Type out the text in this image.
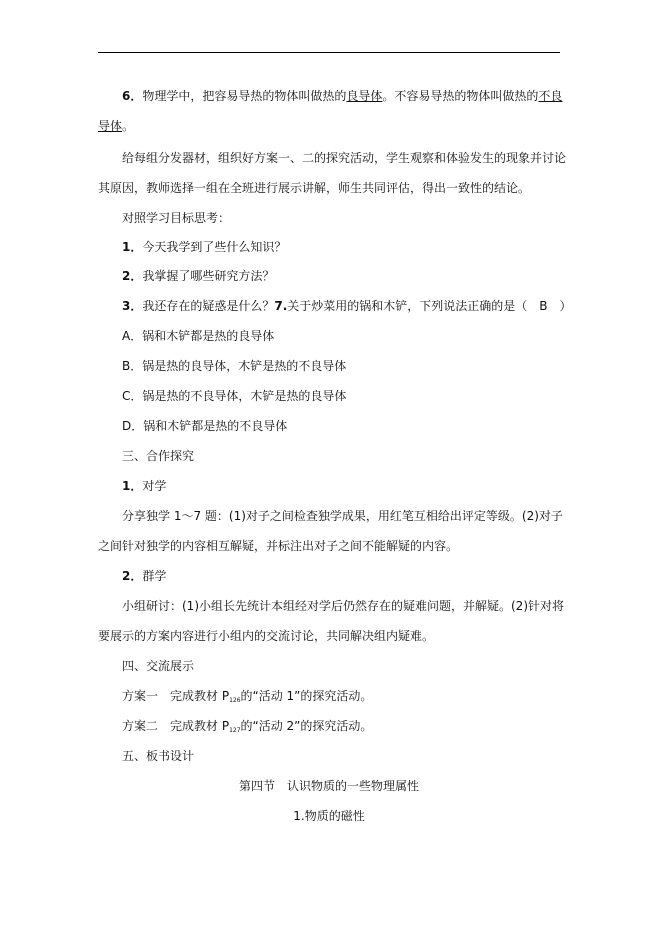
6．物理学中，把容易导热的物体叫做热的良导体。不容易导热的物体叫做热的不良
导体。
给每组分发器材，组织好方案一、二的探究活动，学生观察和体验发生的现象并讨论
其原因，教师选择一组在全班进行展示讲解，师生共同评估，得出一致性的结论。
对照学习目标思考：
1．今天我学到了些什么知识？
2．我掌握了哪些研究方法？
3．我还存在的疑惑是什么？7.关于炒菜用的锅和木铲，下列说法正确的是（　B　）
A．锅和木铲都是热的良导体
B．锅是热的良导体，木铲是热的不良导体
C．锅是热的不良导体，木铲是热的良导体
D．锅和木铲都是热的不良导体
三、合作探究
1．对学
分享独学 1～7 题：(1)对子之间检查独学成果，用红笔互相给出评定等级。(2)对子
之间针对独学的内容相互解疑，并标注出对子之间不能解疑的内容。
2．群学
小组研讨：(1)小组长先统计本组经对学后仍然存在的疑难问题，并解疑。(2)针对将
要展示的方案内容进行小组内的交流讨论，共同解决组内疑难。
四、交流展示
方案一　完成教材 $P_{126}$的“活动 1”的探究活动。
方案二　完成教材 $P_{127}$的“活动 2”的探究活动。
五、板书设计
第四节　认识物质的一些物理属性
1.物质的磁性
